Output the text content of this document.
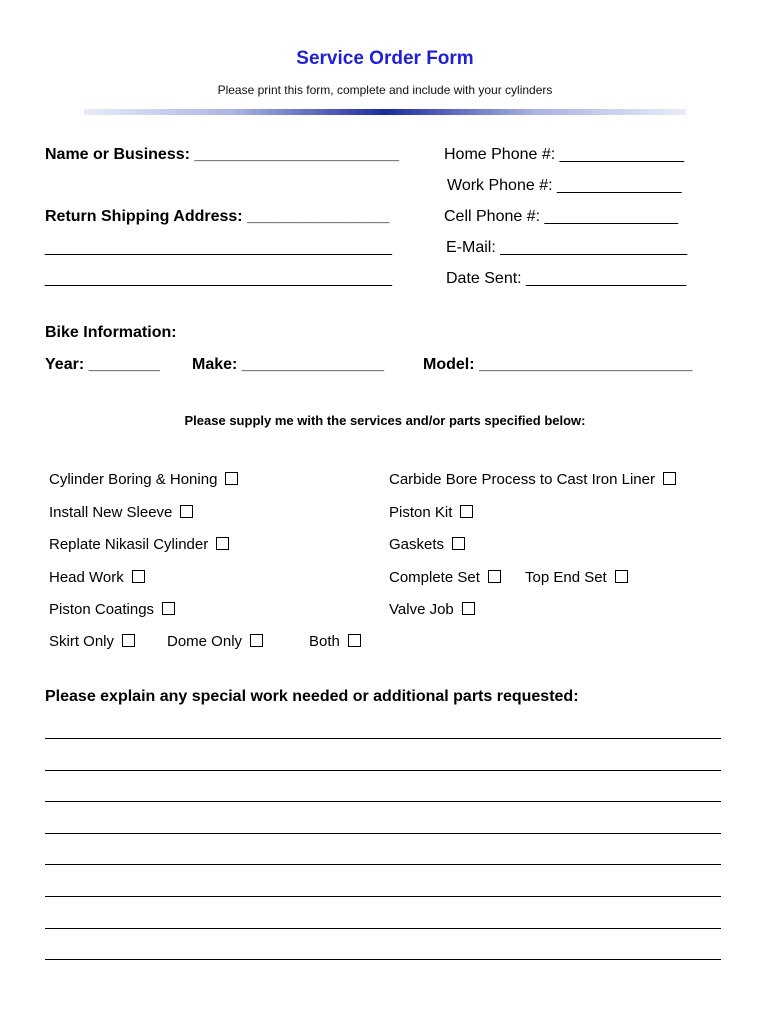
Service Order Form
Please print this form, complete and include with your cylinders
Name or Business: _______________________	Home Phone #: ______________
Work Phone #: ______________
Return Shipping Address: ________________	Cell Phone #: _______________
_______________________________________	E-Mail: _____________________
_______________________________________	Date Sent: __________________
Bike Information:
Year: ________ Make: ________________ Model: ________________________
Please supply me with the services and/or parts specified below:
Cylinder Boring & Honing
Install New Sleeve
Replate Nikasil Cylinder
Head Work
Piston Coatings
Carbide Bore Process to Cast Iron Liner
Piston Kit
Gaskets
Complete Set	Top End Set
Valve Job
Skirt Only	Dome Only	Both
Please explain any special work needed or additional parts requested:
